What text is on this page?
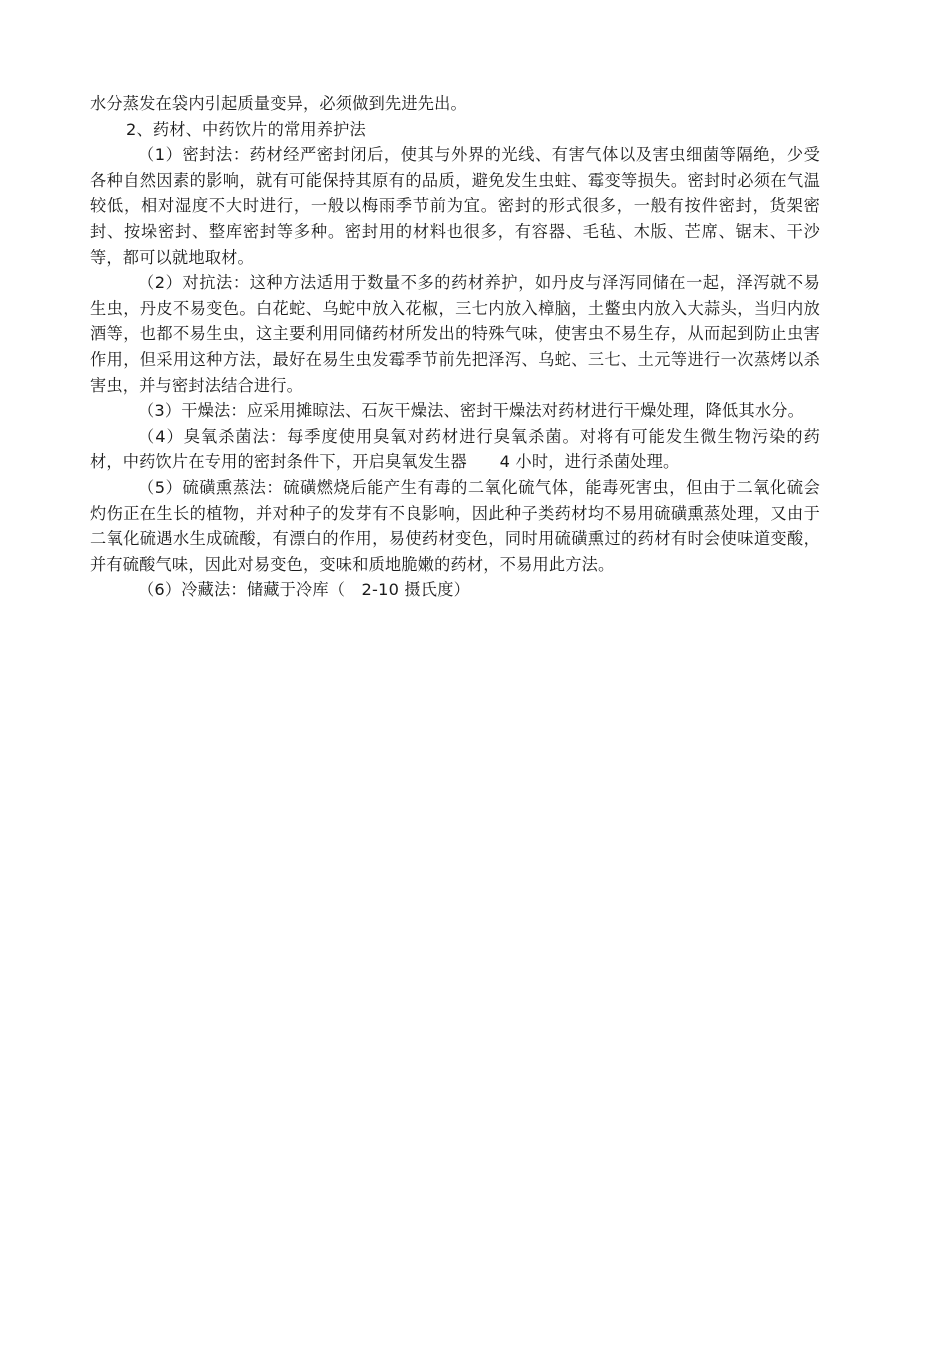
水分蒸发在袋内引起质量变异，必须做到先进先出。

2、药材、中药饮片的常用养护法

（1）密封法：药材经严密封闭后，使其与外界的光线、有害气体以及害虫细菌等隔绝，少受各种自然因素的影响，就有可能保持其原有的品质，避免发生虫蛀、霉变等损失。密封时必须在气温较低，相对湿度不大时进行，一般以梅雨季节前为宜。密封的形式很多，一般有按件密封，货架密封、按垛密封、整库密封等多种。密封用的材料也很多，有容器、毛毡、木版、芒席、锯末、干沙等，都可以就地取材。

（2）对抗法：这种方法适用于数量不多的药材养护，如丹皮与泽泻同储在一起，泽泻就不易生虫，丹皮不易变色。白花蛇、乌蛇中放入花椒，三七内放入樟脑，土鳖虫内放入大蒜头，当归内放酒等，也都不易生虫，这主要利用同储药材所发出的特殊气味，使害虫不易生存，从而起到防止虫害作用，但采用这种方法，最好在易生虫发霉季节前先把泽泻、乌蛇、三七、土元等进行一次蒸烤以杀害虫，并与密封法结合进行。

（3）干燥法：应采用摊晾法、石灰干燥法、密封干燥法对药材进行干燥处理，降低其水分。

（4）臭氧杀菌法：每季度使用臭氧对药材进行臭氧杀菌。对将有可能发生微生物污染的药材，中药饮片在专用的密封条件下，开启臭氧发生器　　4 小时，进行杀菌处理。

（5）硫磺熏蒸法：硫磺燃烧后能产生有毒的二氧化硫气体，能毒死害虫，但由于二氧化硫会灼伤正在生长的植物，并对种子的发芽有不良影响，因此种子类药材均不易用硫磺熏蒸处理，又由于二氧化硫遇水生成硫酸，有漂白的作用，易使药材变色，同时用硫磺熏过的药材有时会使味道变酸，并有硫酸气味，因此对易变色，变味和质地脆嫩的药材，不易用此方法。

（6）冷藏法：储藏于冷库（　2-10 摄氏度）
